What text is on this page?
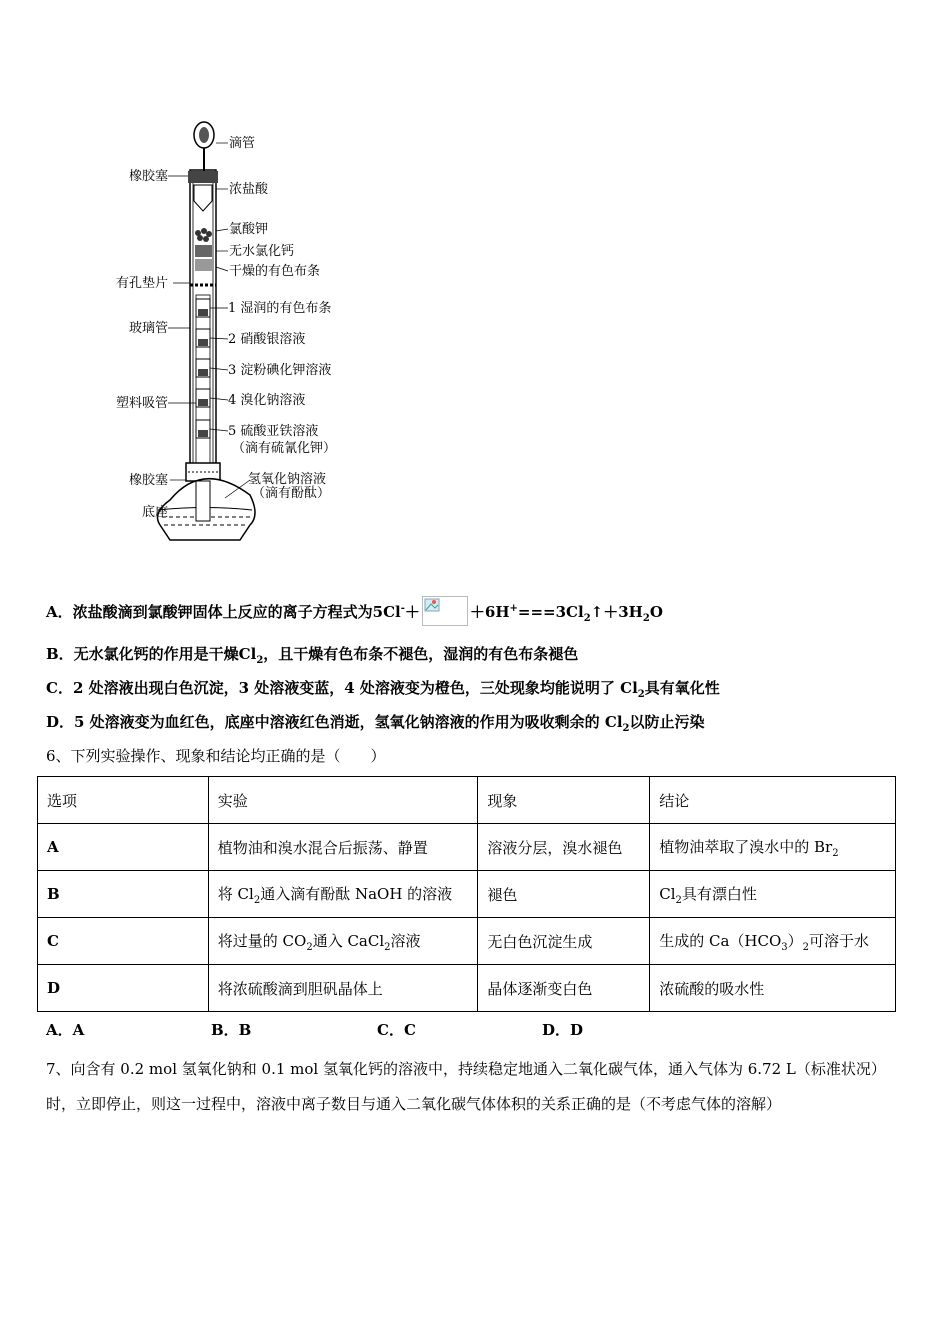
滴管
浓盐酸
氯酸钾
无水氯化钙
干燥的有色布条
1 湿润的有色布条
2 硝酸银溶液
3 淀粉碘化钾溶液
4 溴化钠溶液
5 硫酸亚铁溶液
（滴有硫氰化钾）
氢氧化钠溶液
（滴有酚酞）
橡胶塞
有孔垫片
玻璃管
塑料吸管
橡胶塞
底座
A．浓盐酸滴到氯酸钾固体上反应的离子方程式为5Cl-＋	$+6H^+===3Cl_2↑+3H_2O$
B．无水氯化钙的作用是干燥$Cl_2$，且干燥有色布条不褪色，湿润的有色布条褪色
C．2 处溶液出现白色沉淀，3 处溶液变蓝，4 处溶液变为橙色，三处现象均能说明了 $Cl_2$具有氧化性
D．5 处溶液变为血红色，底座中溶液红色消逝，氢氧化钠溶液的作用为吸收剩余的 $Cl_2$以防止污染
6、下列实验操作、现象和结论均正确的是（　　）
选项	实验	现象	结论
A	植物油和溴水混合后振荡、静置	溶液分层，溴水褪色	植物油萃取了溴水中的 $Br_2$
B	将 $Cl_2$通入滴有酚酞 NaOH 的溶液	褪色	$Cl_2$具有漂白性
C	将过量的 $CO_2$通入 CaCl$_2$溶液	无白色沉淀生成	生成的 $Ca(HCO_3)_2$可溶于水
D	将浓硫酸滴到胆矾晶体上	晶体逐渐变白色	浓硫酸的吸水性
A．A	B．B	C．C	D．D
7、向含有 0.2 mol 氢氧化钠和 0.1 mol 氢氧化钙的溶液中，持续稳定地通入二氧化碳气体，通入气体为 6.72 L（标准状况）时，立即停止，则这一过程中，溶液中离子数目与通入二氧化碳气体体积的关系正确的是（不考虑气体的溶解）
